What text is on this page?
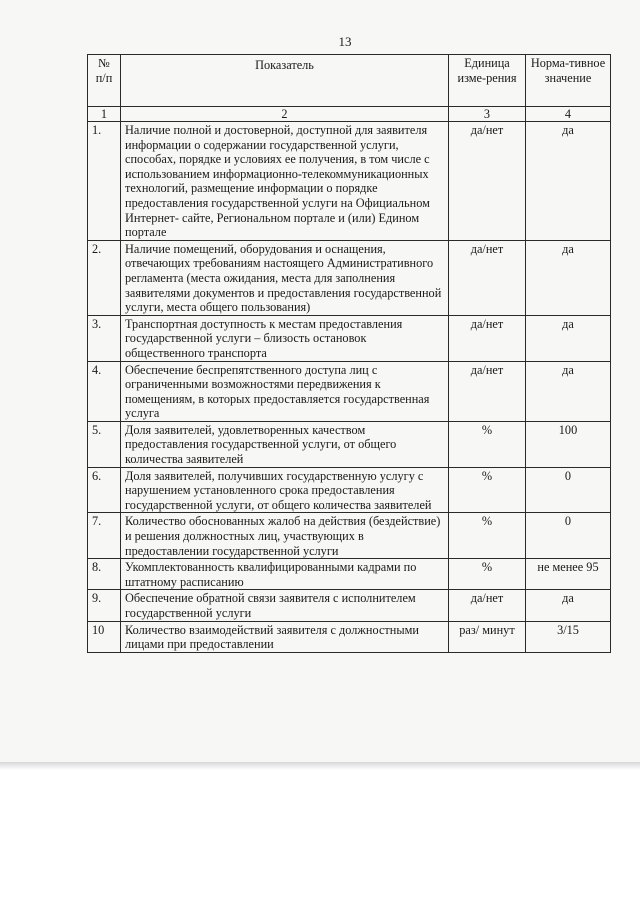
13
№ п/п	Показатель	Единица изме-рения	Норма-тивное значение
1	2	3	4
1.	Наличие полной и достоверной, доступной для заявителя информации о содержании государственной услуги, способах, порядке и условиях ее получения, в том числе с использованием информационно-телекоммуникационных технологий, размещение информации о порядке предоставления государственной услуги на Официальном Интернет- сайте, Региональном портале и (или) Едином портале	да/нет	да
2.	Наличие помещений, оборудования и оснащения, отвечающих требованиям настоящего Административного регламента (места ожидания, места для заполнения заявителями документов и предоставления государственной услуги, места общего пользования)	да/нет	да
3.	Транспортная доступность к местам предоставления государственной услуги – близость остановок общественного транспорта	да/нет	да
4.	Обеспечение беспрепятственного доступа лиц с ограниченными возможностями передвижения к помещениям, в которых предоставляется государственная услуга	да/нет	да
5.	Доля заявителей, удовлетворенных качеством предоставления государственной услуги, от общего количества заявителей	%	100
6.	Доля заявителей, получивших государственную услугу с нарушением установленного срока предоставления государственной услуги, от общего количества заявителей	%	0
7.	Количество обоснованных жалоб на действия (бездействие) и решения должностных лиц, участвующих в предоставлении государственной услуги	%	0
8.	Укомплектованность квалифицированными кадрами по штатному расписанию	%	не менее 95
9.	Обеспечение обратной связи заявителя с исполнителем государственной услуги	да/нет	да
10	Количество взаимодействий заявителя с должностными лицами при предоставлении	раз/ минут	3/15
